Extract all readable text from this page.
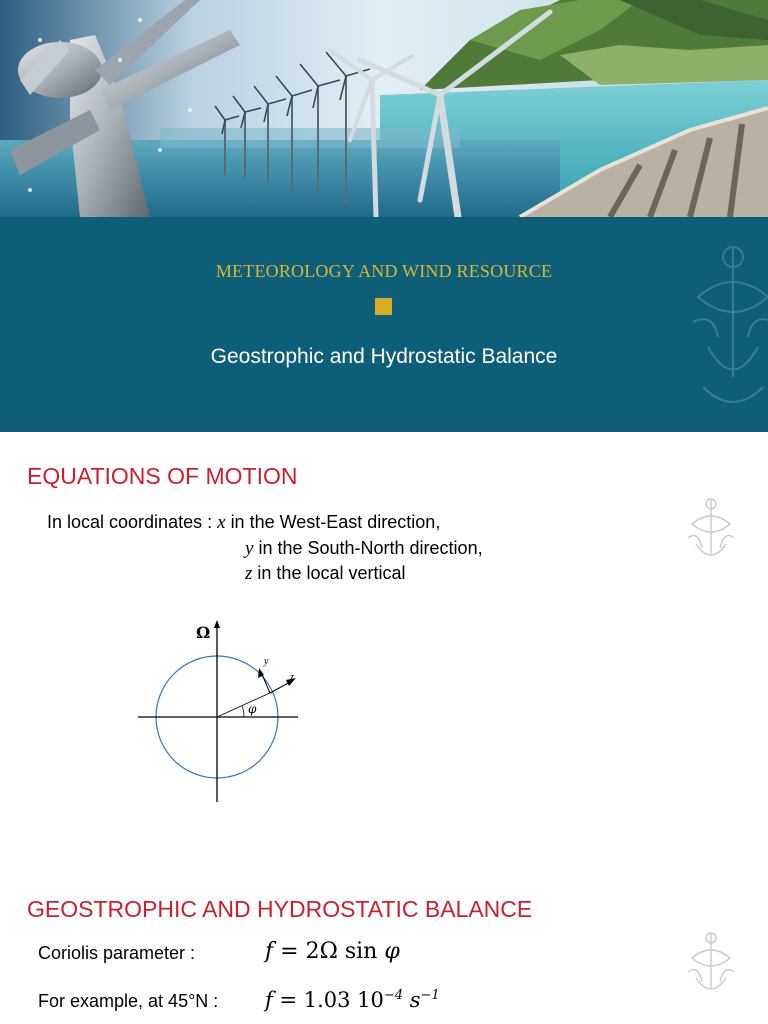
METEOROLOGY AND WIND RESOURCE
Geostrophic and Hydrostatic Balance
EQUATIONS OF MOTION
In local coordinates : x in the West-East direction,
y in the South-North direction,
z in the local vertical
Ω
y
z
φ
GEOSTROPHIC AND HYDROSTATIC BALANCE
Coriolis parameter :	f = 2Ω sin φ
For example, at 45°N : f = 1.03 $10^{-4}$ $s^{-1}$
